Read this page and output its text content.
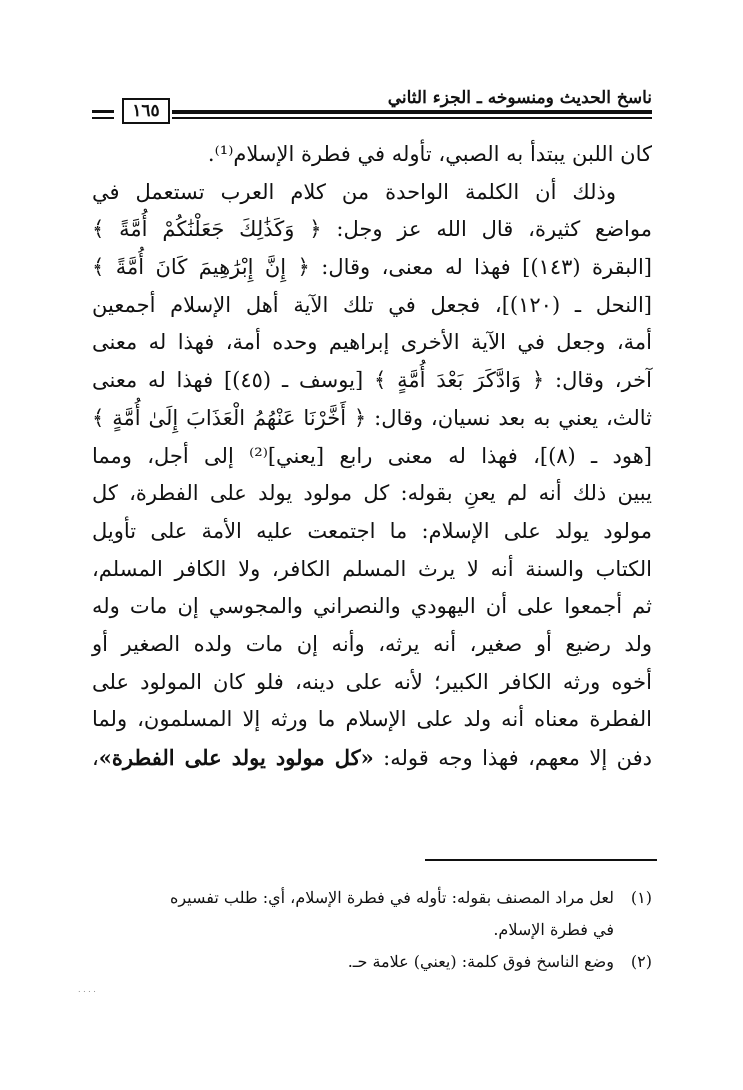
ناسخ الحديث ومنسوخه ـ الجزء الثاني
١٦٥
كان اللبن يبتدأ به الصبي، تأوله في فطرة الإسلام⁽¹⁾.
وذلك أن الكلمة الواحدة من كلام العرب تستعمل في
مواضع كثيرة، قال الله عز وجل: ﴿ وَكَذَٰلِكَ جَعَلْنَٰكُمْ أُمَّةً ﴾
[البقرة (١٤٣)] فهذا له معنى، وقال: ﴿ إِنَّ إِبْرَٰهِيمَ كَانَ أُمَّةً ﴾
[النحل ـ (١٢٠)]، فجعل في تلك الآية أهل الإسلام أجمعين
أمة، وجعل في الآية الأخرى إبراهيم وحده أمة، فهذا له معنى
آخر، وقال: ﴿ وَادَّكَرَ بَعْدَ أُمَّةٍ ﴾ [يوسف ـ (٤٥)] فهذا له معنى
ثالث، يعني به بعد نسيان، وقال: ﴿ أَخَّرْنَا عَنْهُمُ الْعَذَابَ إِلَىٰ أُمَّةٍ ﴾
[هود ـ (٨)]، فهذا له معنى رابع [يعني]⁽²⁾ إلى أجل، ومما
يبين ذلك أنه لم يعنِ بقوله: كل مولود يولد على الفطرة، كل
مولود يولد على الإسلام: ما اجتمعت عليه الأمة على تأويل
الكتاب والسنة أنه لا يرث المسلم الكافر، ولا الكافر المسلم،
ثم أجمعوا على أن اليهودي والنصراني والمجوسي إن مات وله
ولد رضيع أو صغير، أنه يرثه، وأنه إن مات ولده الصغير أو
أخوه ورثه الكافر الكبير؛ لأنه على دينه، فلو كان المولود على
الفطرة معناه أنه ولد على الإسلام ما ورثه إلا المسلمون، ولما
دفن إلا معهم، فهذا وجه قوله: «كل مولود يولد على الفطرة»،
(١)لعل مراد المصنف بقوله: تأوله في فطرة الإسلام، أي: طلب تفسيره
في فطرة الإسلام.
(٢)وضع الناسخ فوق كلمة: (يعني) علامة حـ.
. . . .
